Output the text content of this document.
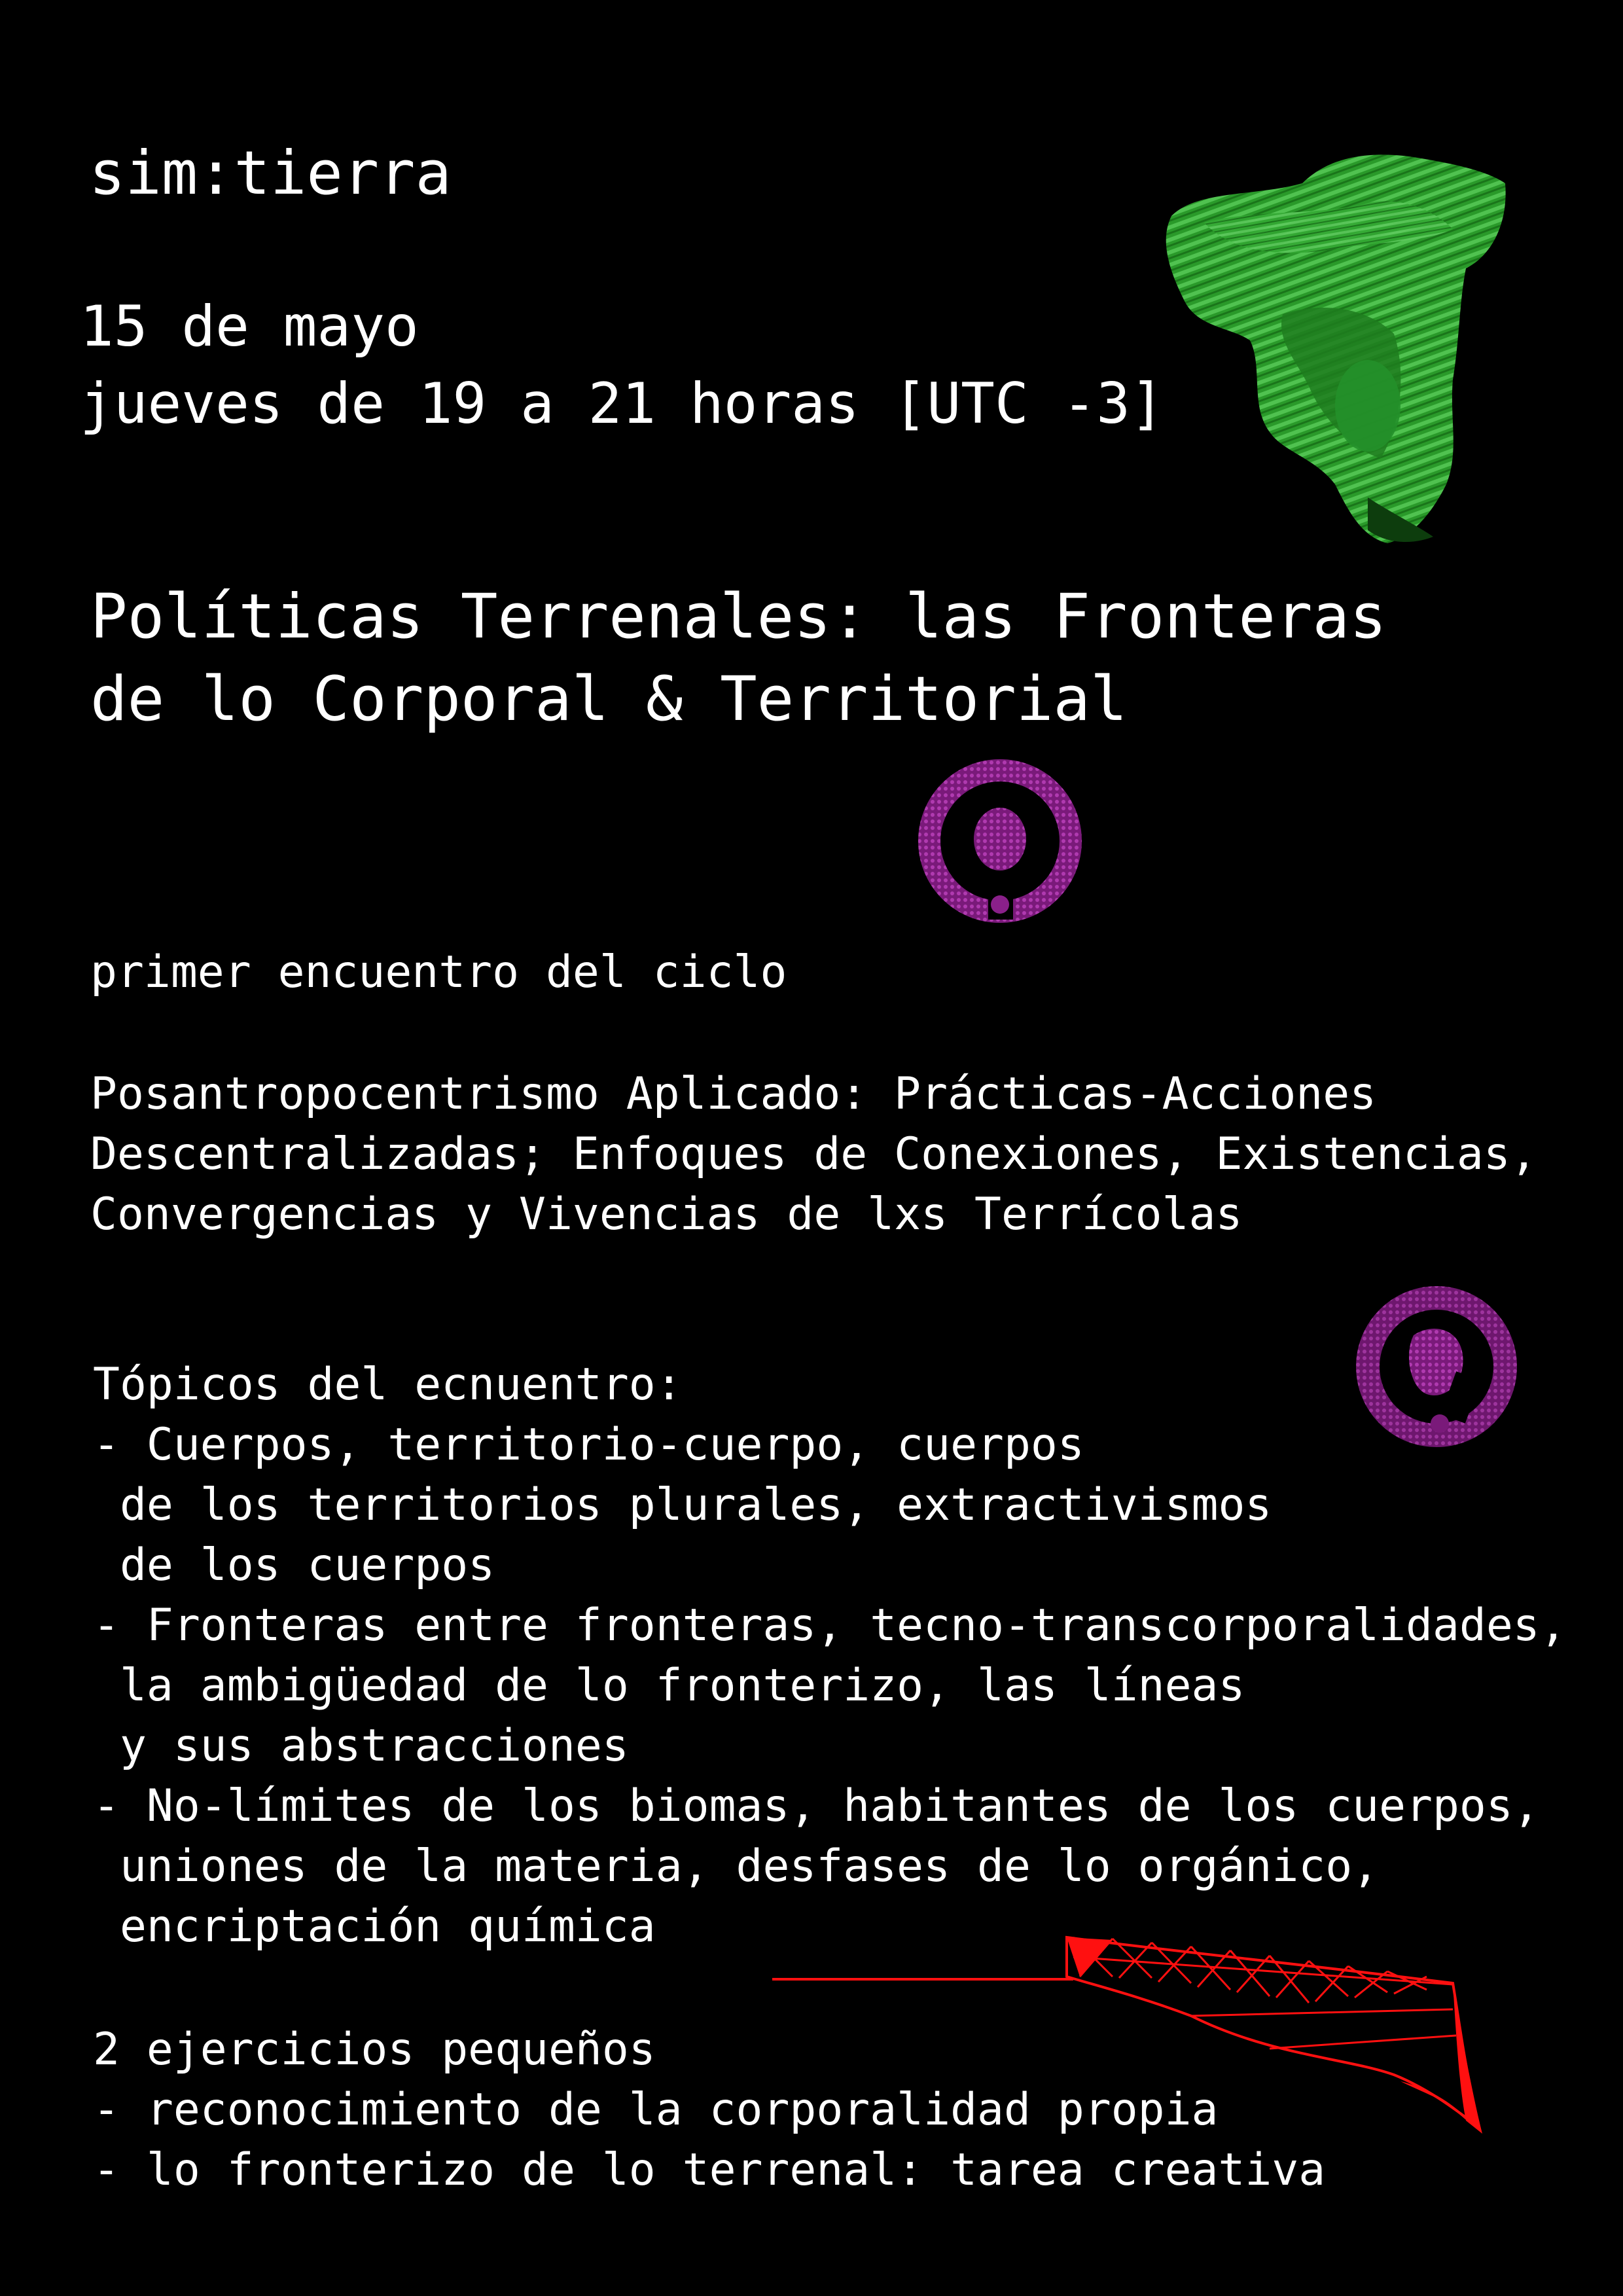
sim:tierra
15 de mayo
jueves de 19 a 21 horas [UTC -3]
Políticas Terrenales: las Fronteras
de lo Corporal & Territorial
primer encuentro del ciclo
Posantropocentrismo Aplicado: Prácticas-Acciones
Descentralizadas; Enfoques de Conexiones, Existencias,
Convergencias y Vivencias de lxs Terrícolas
Tópicos del ecnuentro:
- Cuerpos, territorio-cuerpo, cuerpos
de los territorios plurales, extractivismos
de los cuerpos
- Fronteras entre fronteras, tecno-transcorporalidades,
la ambigüedad de lo fronterizo, las líneas
y sus abstracciones
- No-límites de los biomas, habitantes de los cuerpos,
uniones de la materia, desfases de lo orgánico,
encriptación química
2 ejercicios pequeños
- reconocimiento de la corporalidad propia
- lo fronterizo de lo terrenal: tarea creativa
